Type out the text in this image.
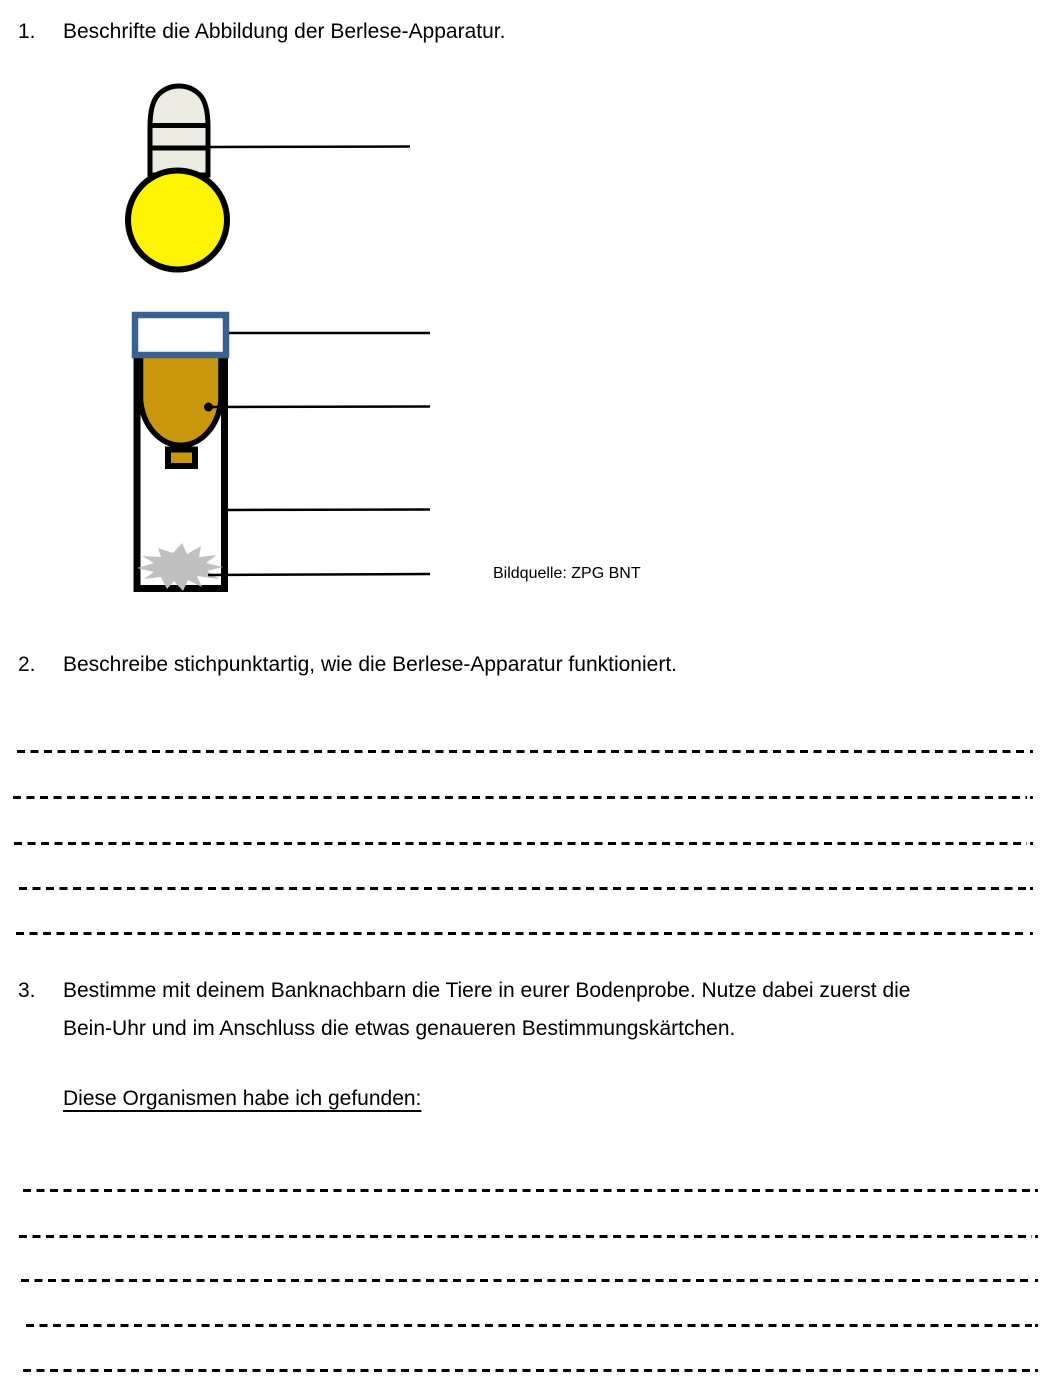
1.	Beschrifte die Abbildung der Berlese-Apparatur.
Bildquelle: ZPG BNT
2.	Beschreibe stichpunktartig, wie die Berlese-Apparatur funktioniert.
3.	Bestimme mit deinem Banknachbarn die Tiere in eurer Bodenprobe. Nutze dabei zuerst die
Bein-Uhr und im Anschluss die etwas genaueren Bestimmungskärtchen.
Diese Organismen habe ich gefunden:
